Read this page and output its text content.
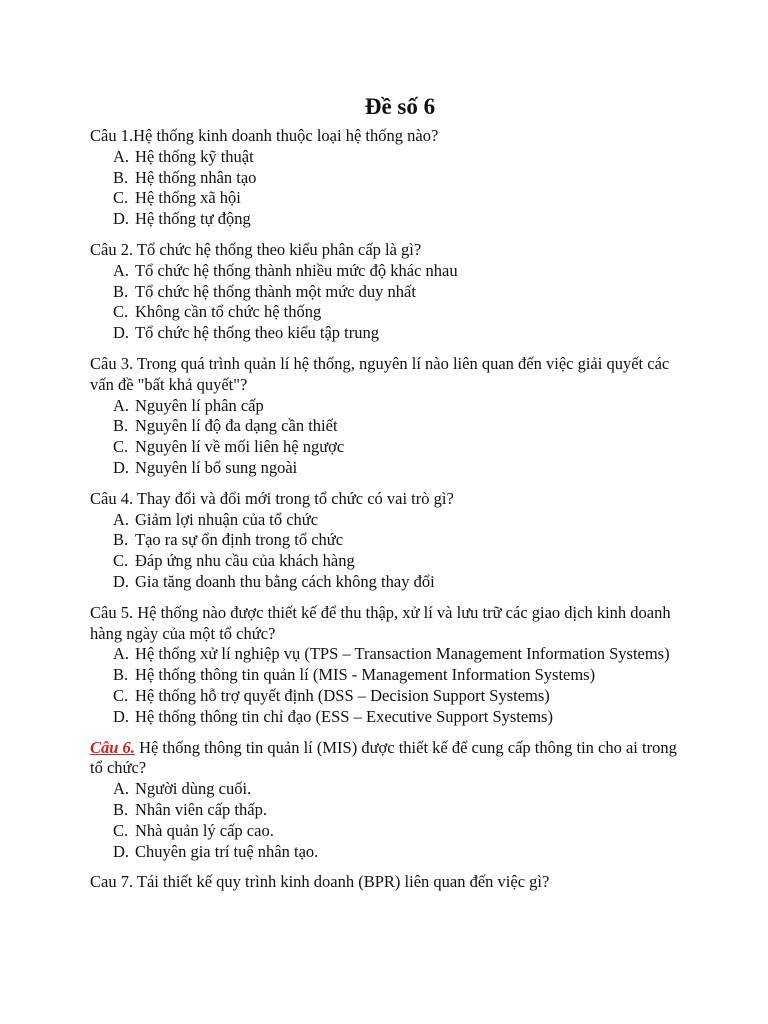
Đề số 6
Câu 1.Hệ thống kinh doanh thuộc loại hệ thống nào?
A. Hệ thống kỹ thuật
B. Hệ thống nhân tạo
C. Hệ thống xã hội
D. Hệ thống tự động
Câu 2. Tổ chức hệ thống theo kiểu phân cấp là gì?
A. Tổ chức hệ thống thành nhiều mức độ khác nhau
B. Tổ chức hệ thống thành một mức duy nhất
C. Không cần tổ chức hệ thống
D. Tổ chức hệ thống theo kiểu tập trung
Câu 3. Trong quá trình quản lí hệ thống, nguyên lí nào liên quan đến việc giải quyết các vấn đề "bất khả quyết"?
A. Nguyên lí phân cấp
B. Nguyên lí độ đa dạng cần thiết
C. Nguyên lí về mối liên hệ ngược
D. Nguyên lí bổ sung ngoài
Câu 4. Thay đổi và đổi mới trong tổ chức có vai trò gì?
A. Giảm lợi nhuận của tổ chức
B. Tạo ra sự ổn định trong tổ chức
C. Đáp ứng nhu cầu của khách hàng
D. Gia tăng doanh thu bằng cách không thay đổi
Câu 5. Hệ thống nào được thiết kế để thu thập, xử lí và lưu trữ các giao dịch kinh doanh hàng ngày của một tổ chức?
A. Hệ thống xử lí nghiệp vụ (TPS – Transaction Management Information Systems)
B. Hệ thống thông tin quản lí (MIS - Management Information Systems)
C. Hệ thống hỗ trợ quyết định (DSS – Decision Support Systems)
D. Hệ thống thông tin chỉ đạo (ESS – Executive Support Systems)
Câu 6. Hệ thống thông tin quản lí (MIS) được thiết kế để cung cấp thông tin cho ai trong tổ chức?
A. Người dùng cuối.
B. Nhân viên cấp thấp.
C. Nhà quản lý cấp cao.
D. Chuyên gia trí tuệ nhân tạo.
Cau 7. Tái thiết kế quy trình kinh doanh (BPR) liên quan đến việc gì?
